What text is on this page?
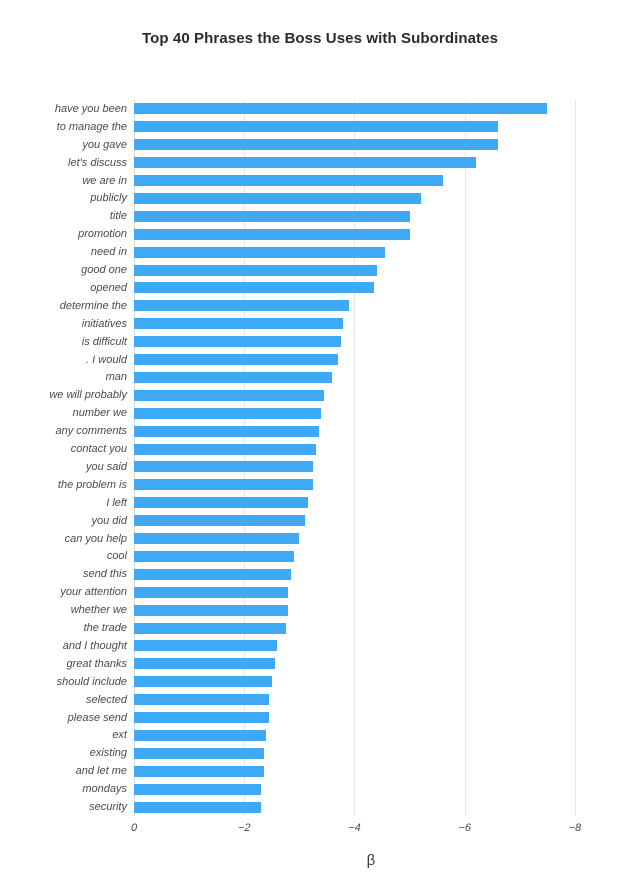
Top 40 Phrases the Boss Uses with Subordinates
have you been
to manage the
you gave
let's discuss
we are in
publicly
title
promotion
need in
good one
opened
determine the
initiatives
is difficult
. I would
man
we will probably
number we
any comments
contact you
you said
the problem is
I left
you did
can you help
cool
send this
your attention
whether we
the trade
and I thought
great thanks
should include
selected
please send
ext
existing
and let me
mondays
security
0	−2	−4	−6	−8
β
